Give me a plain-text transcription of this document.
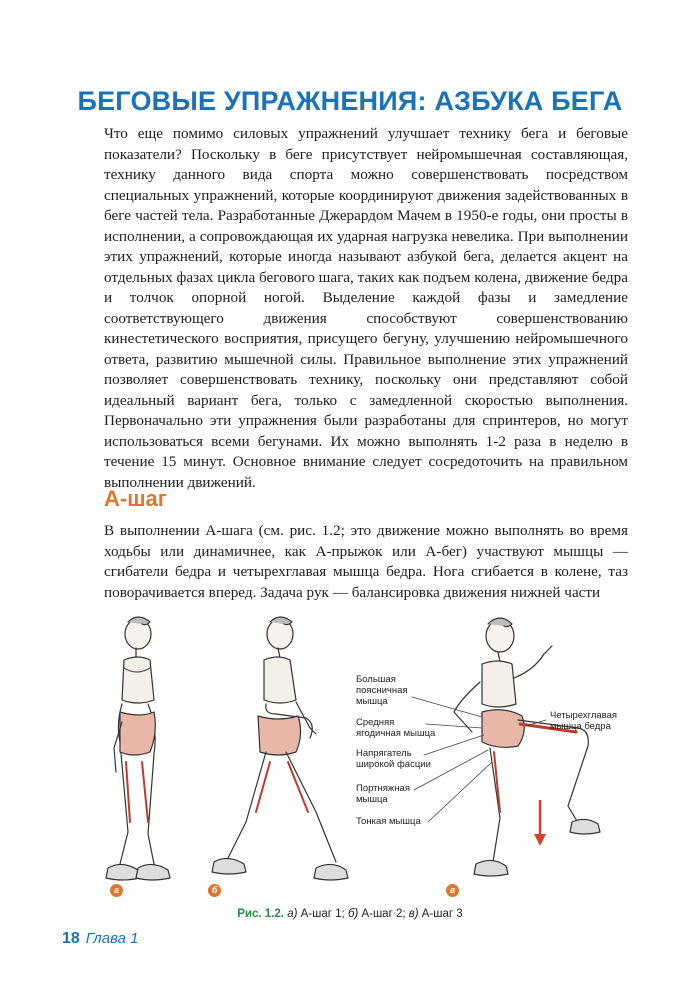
БЕГОВЫЕ УПРАЖНЕНИЯ: АЗБУКА БЕГА

Что еще помимо силовых упражнений улучшает технику бега и беговые показатели? Поскольку в беге присутствует нейромышечная составляющая, технику данного вида спорта можно совершенствовать посредством специальных упражнений, которые координируют движения задействованных в беге частей тела. Разработанные Джерардом Мачем в 1950-е годы, они просты в исполнении, а сопровождающая их ударная нагрузка невелика. При выполнении этих упражнений, которые иногда называют азбукой бега, делается акцент на отдельных фазах цикла бегового шага, таких как подъем колена, движение бедра и толчок опорной ногой. Выделение каждой фазы и замедление соответствующего движения способствуют совершенствованию кинестетического восприятия, присущего бегуну, улучшению нейромышечного ответа, развитию мышечной силы. Правильное выполнение этих упражнений позволяет совершенствовать технику, поскольку они представляют собой идеальный вариант бега, только с замедленной скоростью выполнения. Первоначально эти упражнения были разработаны для спринтеров, но могут использоваться всеми бегунами. Их можно выполнять 1-2 раза в неделю в течение 15 минут. Основное внимание следует сосредоточить на правильном выполнении движений.

А-шаг

В выполнении А-шага (см. рис. 1.2; это движение можно выполнять во время ходьбы или динамичнее, как А-прыжок или А-бег) участвуют мышцы — сгибатели бедра и четырехглавая мышца бедра. Нога сгибается в колене, таз поворачивается вперед. Задача рук — балансировка движения нижней части

Большая
поясничная
мышца
Средняя
ягодичная мышца
Напрягатель
широкой фасции
Портняжная
мышца
Тонкая мышца
Четырехглавая
мышца бедра
а	б	в
Рис. 1.2. а) А-шаг 1; б) А-шаг 2; в) А-шаг 3
18 Глава 1
